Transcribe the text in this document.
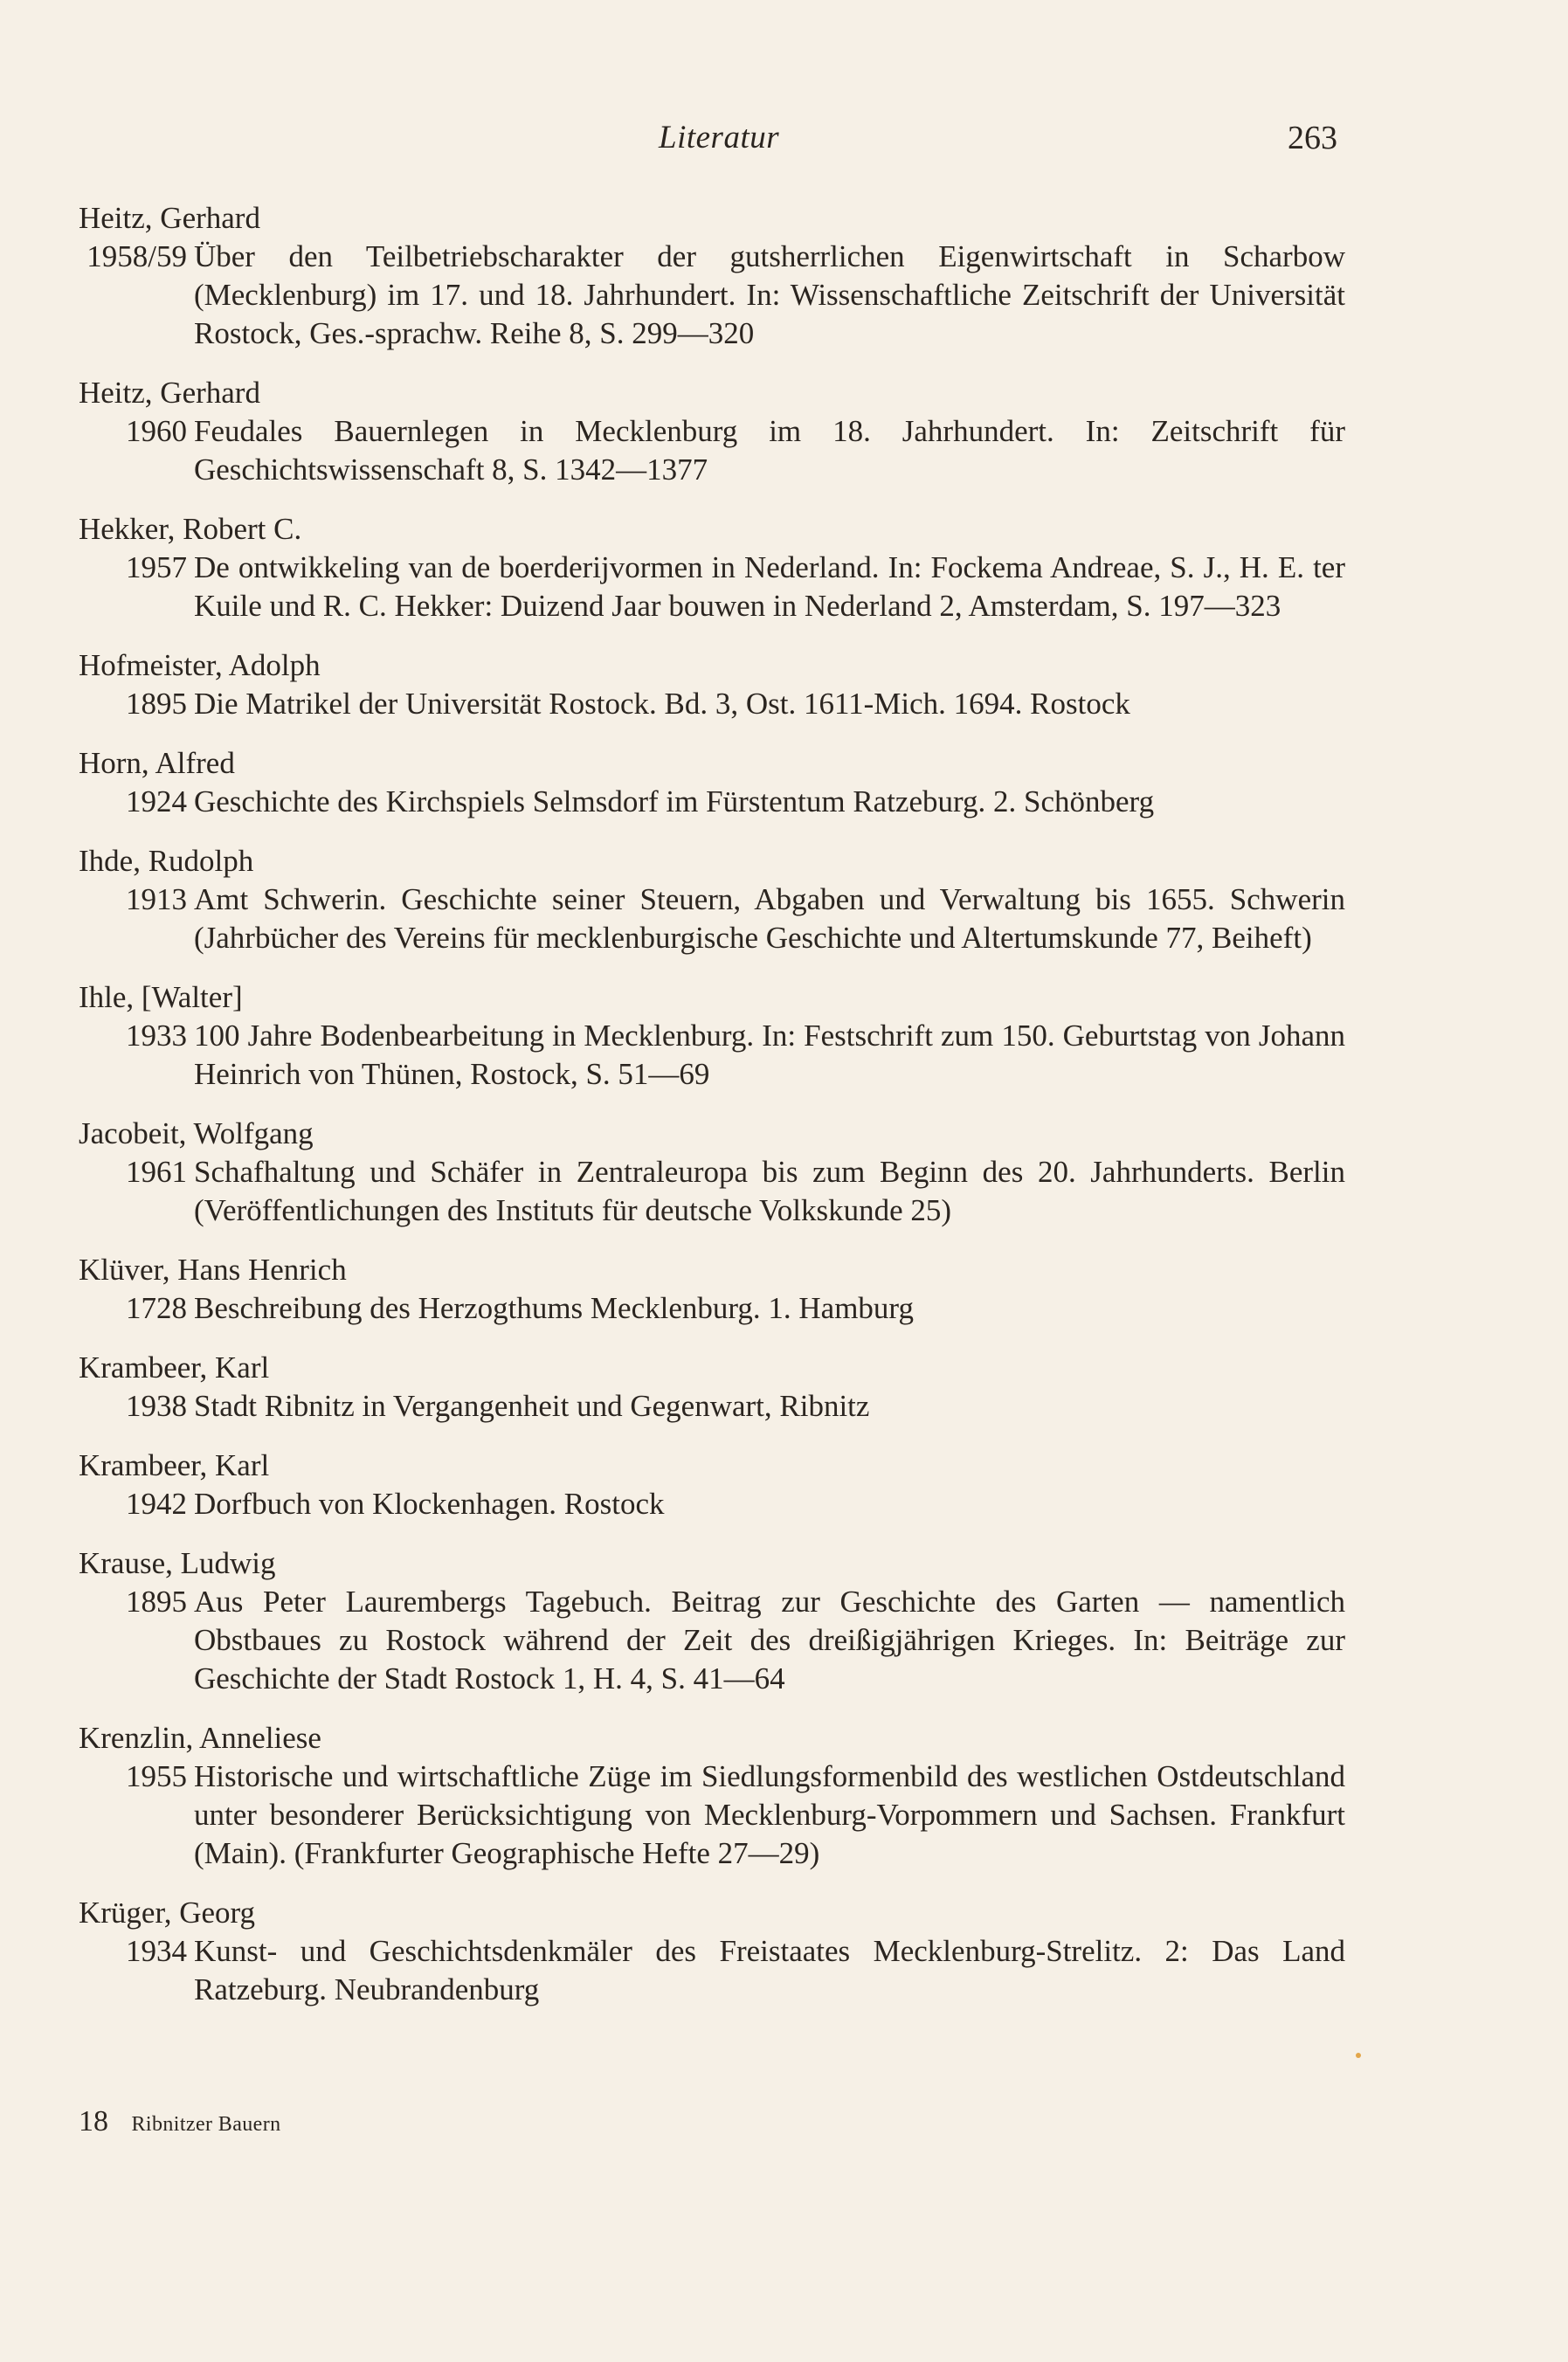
Literatur	263
Heitz, Gerhard
1958/59 Über den Teilbetriebscharakter der gutsherrlichen Eigenwirtschaft in Scharbow (Mecklenburg) im 17. und 18. Jahrhundert. In: Wissenschaftliche Zeitschrift der Universität Rostock, Ges.-sprachw. Reihe 8, S. 299—320
Heitz, Gerhard
1960 Feudales Bauernlegen in Mecklenburg im 18. Jahrhundert. In: Zeitschrift für Geschichtswissenschaft 8, S. 1342—1377
Hekker, Robert C.
1957 De ontwikkeling van de boerderijvormen in Nederland. In: Fockema Andreae, S. J., H. E. ter Kuile und R. C. Hekker: Duizend Jaar bouwen in Nederland 2, Amsterdam, S. 197—323
Hofmeister, Adolph
1895 Die Matrikel der Universität Rostock. Bd. 3, Ost. 1611-Mich. 1694. Rostock
Horn, Alfred
1924 Geschichte des Kirchspiels Selmsdorf im Fürstentum Ratzeburg. 2. Schönberg
Ihde, Rudolph
1913 Amt Schwerin. Geschichte seiner Steuern, Abgaben und Verwaltung bis 1655. Schwerin (Jahrbücher des Vereins für mecklenburgische Geschichte und Altertumskunde 77, Beiheft)
Ihle, [Walter]
1933 100 Jahre Bodenbearbeitung in Mecklenburg. In: Festschrift zum 150. Geburtstag von Johann Heinrich von Thünen, Rostock, S. 51—69
Jacobeit, Wolfgang
1961 Schafhaltung und Schäfer in Zentraleuropa bis zum Beginn des 20. Jahrhunderts. Berlin (Veröffentlichungen des Instituts für deutsche Volkskunde 25)
Klüver, Hans Henrich
1728 Beschreibung des Herzogthums Mecklenburg. 1. Hamburg
Krambeer, Karl
1938 Stadt Ribnitz in Vergangenheit und Gegenwart, Ribnitz
Krambeer, Karl
1942 Dorfbuch von Klockenhagen. Rostock
Krause, Ludwig
1895 Aus Peter Laurembergs Tagebuch. Beitrag zur Geschichte des Garten — namentlich Obstbaues zu Rostock während der Zeit des dreißigjährigen Krieges. In: Beiträge zur Geschichte der Stadt Rostock 1, H. 4, S. 41—64
Krenzlin, Anneliese
1955 Historische und wirtschaftliche Züge im Siedlungsformenbild des westlichen Ostdeutschland unter besonderer Berücksichtigung von Mecklenburg-Vorpommern und Sachsen. Frankfurt (Main). (Frankfurter Geographische Hefte 27—29)
Krüger, Georg
1934 Kunst- und Geschichtsdenkmäler des Freistaates Mecklenburg-Strelitz. 2: Das Land Ratzeburg. Neubrandenburg
18 Ribnitzer Bauern
